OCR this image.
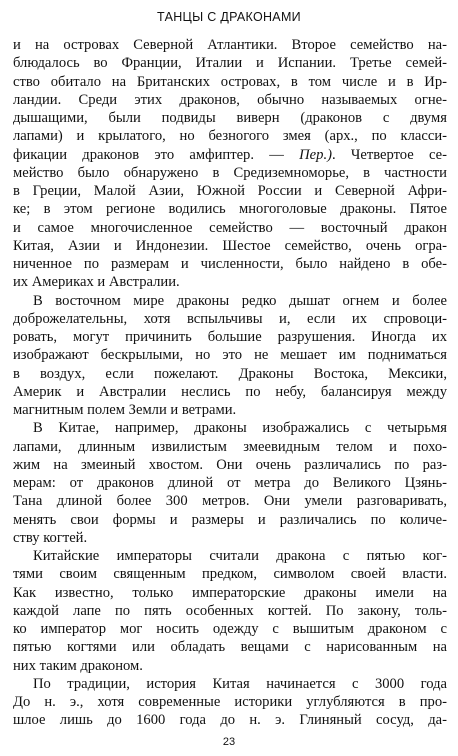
ТАНЦЫ С ДРАКОНАМИ
и на островах Северной Атлантики. Второе семейство на-
блюдалось во Франции, Италии и Испании. Третье семей-
ство обитало на Британских островах, в том числе и в Ир-
ландии. Среди этих драконов, обычно называемых огне-
дышащими, были подвиды виверн (драконов с двумя
лапами) и крылатого, но безногого змея (арх., по класси-
фикации драконов это амфиптер. — Пер.). Четвертое се-
мейство было обнаружено в Средиземноморье, в частности
в Греции, Малой Азии, Южной России и Северной Афри-
ке; в этом регионе водились многоголовые драконы. Пятое
и самое многочисленное семейство — восточный дракон
Китая, Азии и Индонезии. Шестое семейство, очень огра-
ниченное по размерам и численности, было найдено в обе-
их Америках и Австралии.
В восточном мире драконы редко дышат огнем и более
доброжелательны, хотя вспыльчивы и, если их спровоци-
ровать, могут причинить большие разрушения. Иногда их
изображают бескрылыми, но это не мешает им подниматься
в воздух, если пожелают. Драконы Востока, Мексики,
Америк и Австралии неслись по небу, балансируя между
магнитным полем Земли и ветрами.
В Китае, например, драконы изображались с четырьмя
лапами, длинным извилистым змеевидным телом и похо-
жим на змеиный хвостом. Они очень различались по раз-
мерам: от драконов длиной от метра до Великого Цзянь-
Тана длиной более 300 метров. Они умели разговаривать,
менять свои формы и размеры и различались по количе-
ству когтей.
Китайские императоры считали дракона с пятью ког-
тями своим священным предком, символом своей власти.
Как известно, только императорские драконы имели на
каждой лапе по пять особенных когтей. По закону, толь-
ко император мог носить одежду с вышитым драконом с
пятью когтями или обладать вещами с нарисованным на
них таким драконом.
По традиции, история Китая начинается с 3000 года
До н. э., хотя современные историки углубляются в про-
шлое лишь до 1600 года до н. э. Глиняный сосуд, да-
23
